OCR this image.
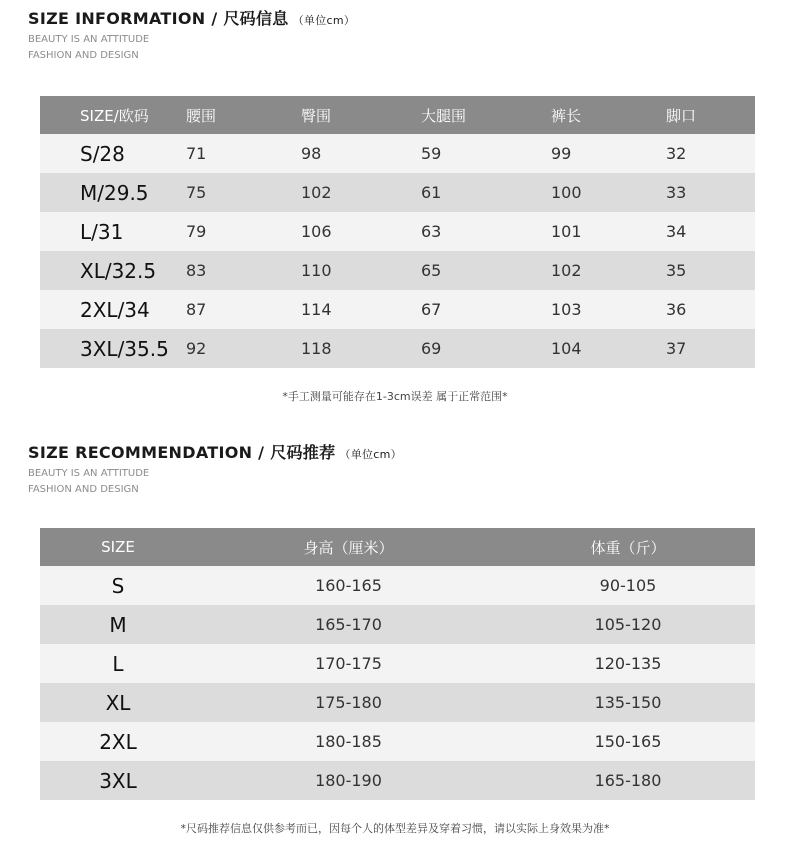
SIZE INFORMATION / 尺码信息 （单位cm）
BEAUTY IS AN ATTITUDE
FASHION AND DESIGN
SIZE/欧码	腰围	臀围	大腿围	裤长	脚口
S/28	71	98	59	99	32
M/29.5	75	102	61	100	33
L/31	79	106	63	101	34
XL/32.5	83	110	65	102	35
2XL/34	87	114	67	103	36
3XL/35.5	92	118	69	104	37
*手工测量可能存在1-3cm误差 属于正常范围*
SIZE RECOMMENDATION / 尺码推荐 （单位cm）
BEAUTY IS AN ATTITUDE
FASHION AND DESIGN
SIZE	身高（厘米）	体重（斤）
S	160-165	90-105
M	165-170	105-120
L	170-175	120-135
XL	175-180	135-150
2XL	180-185	150-165
3XL	180-190	165-180
*尺码推荐信息仅供参考而已，因每个人的体型差异及穿着习惯，请以实际上身效果为准*
